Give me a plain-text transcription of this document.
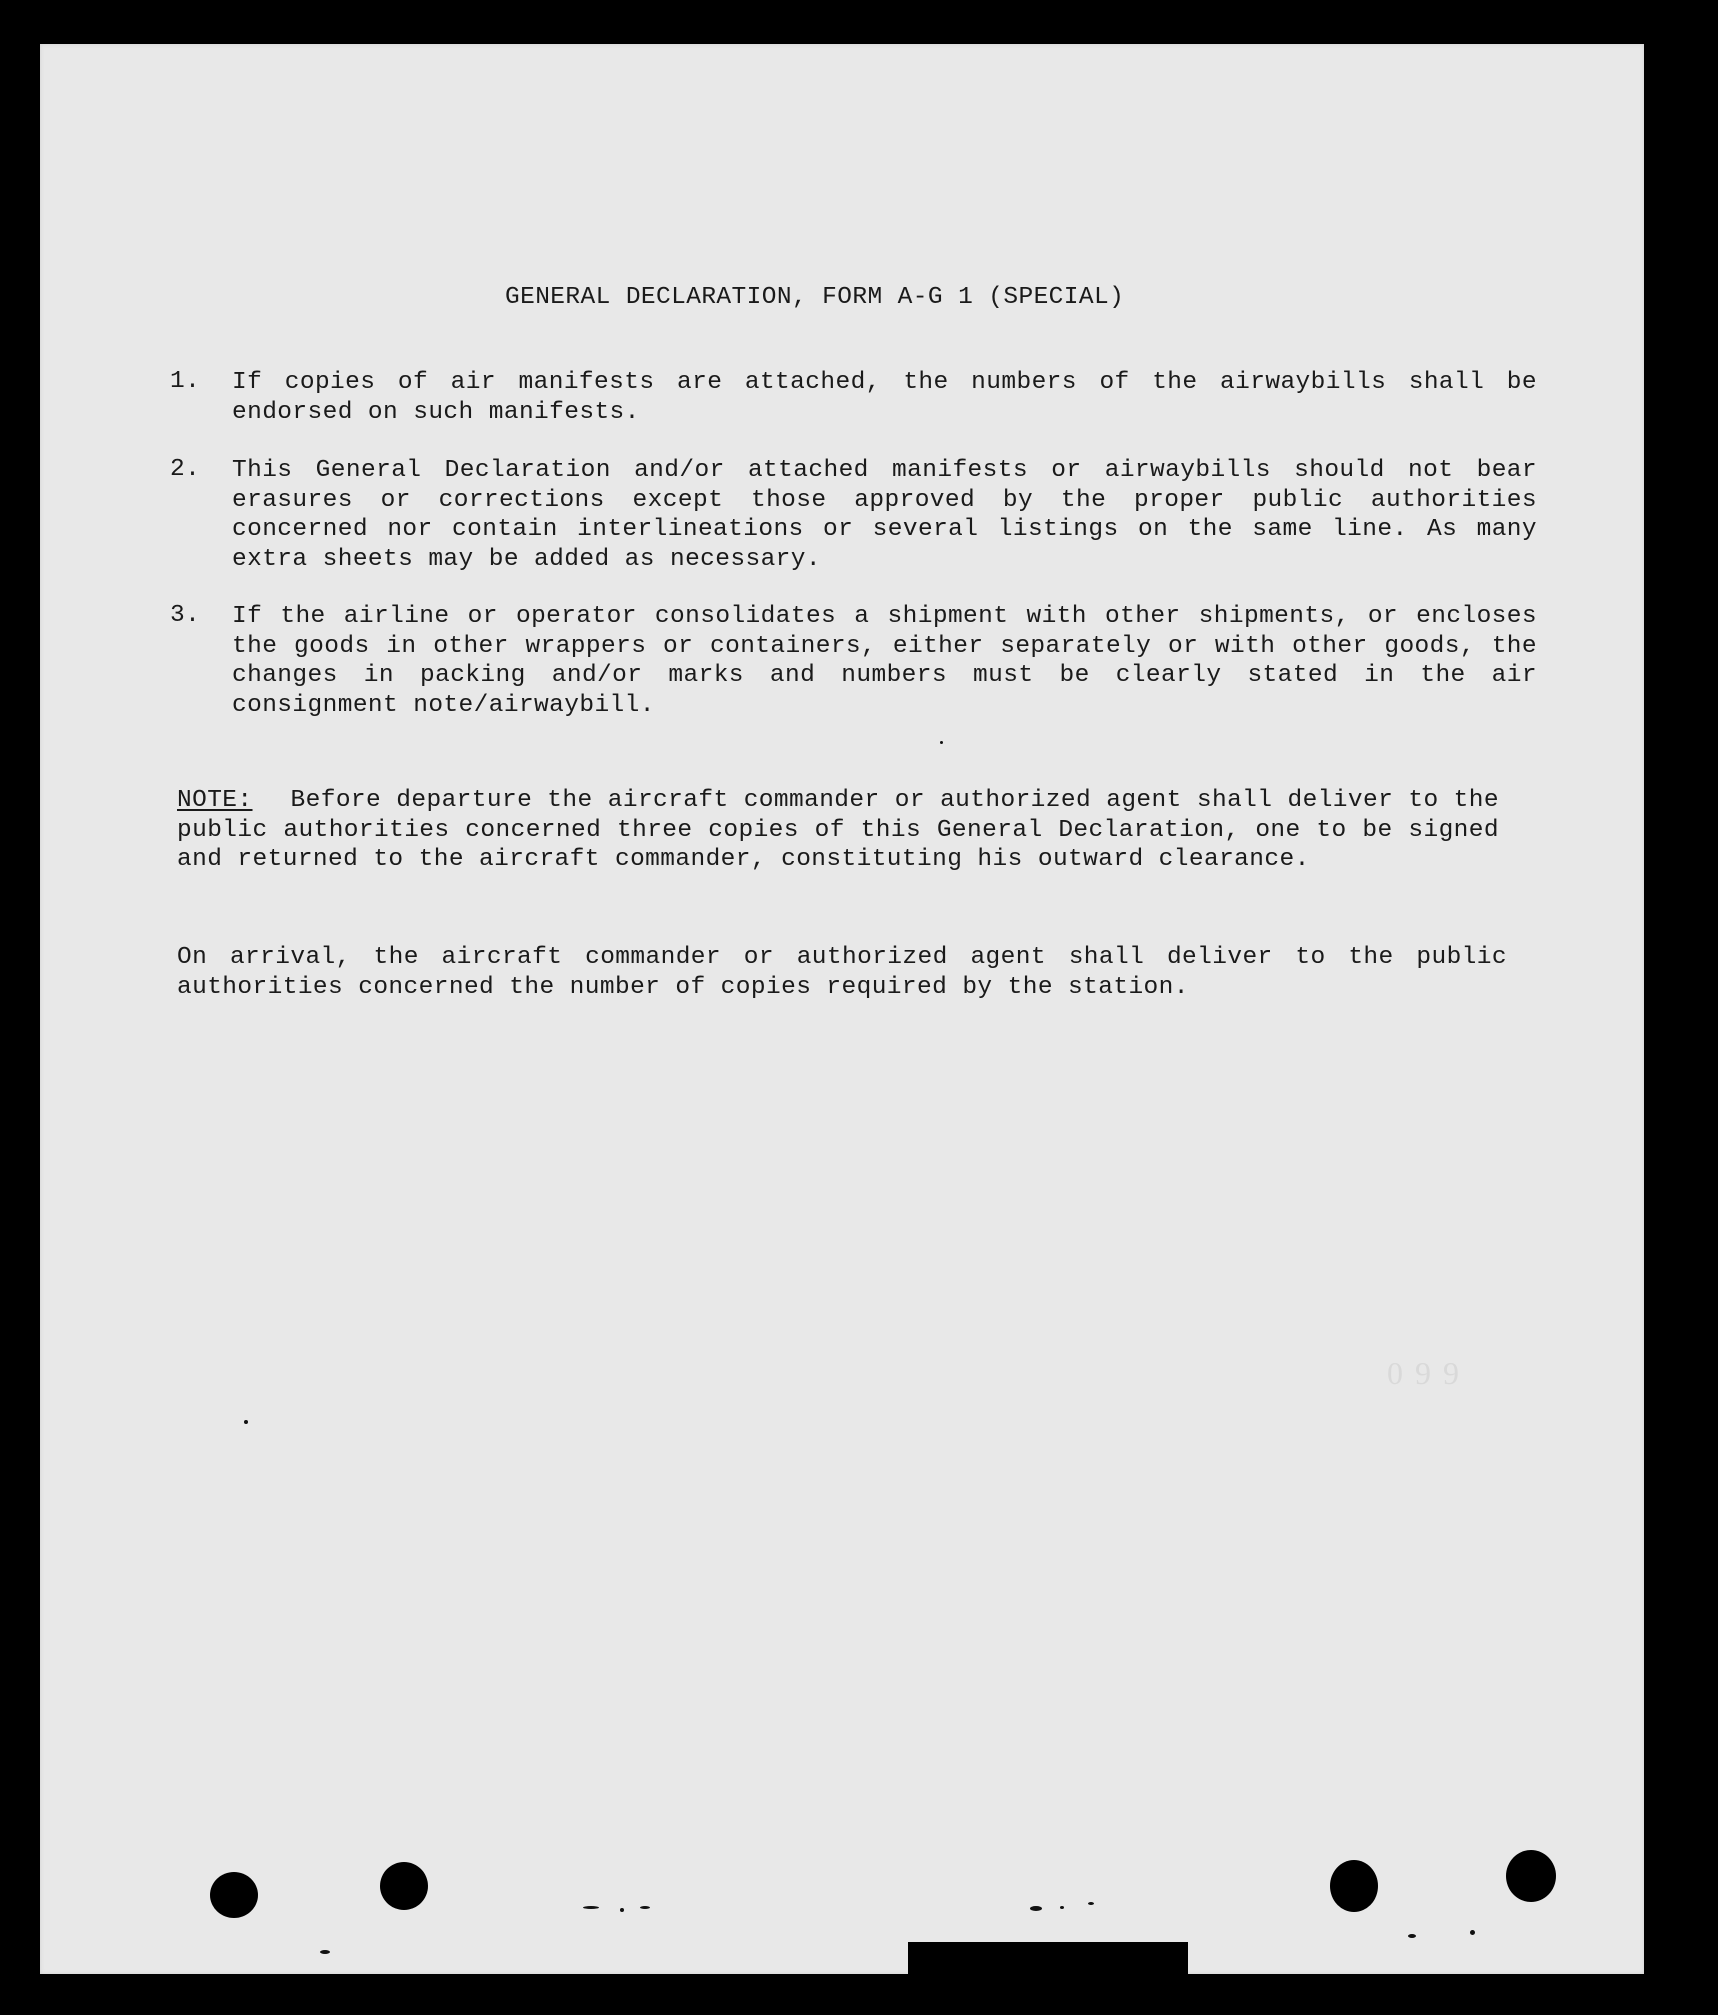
GENERAL DECLARATION, FORM A-G 1 (SPECIAL)
1.	If copies of air manifests are attached, the numbers of the airwaybills shall be endorsed on such manifests.
2.	This General Declaration and/or attached manifests or airwaybills should not bear erasures or corrections except those approved by the proper public authorities concerned nor contain interlineations or several listings on the same line. As many extra sheets may be added as necessary.
3.	If the airline or operator consolidates a shipment with other shipments, or encloses the goods in other wrappers or containers, either separately or with other goods, the changes in packing and/or marks and numbers must be clearly stated in the air consignment note/airwaybill.
NOTE: Before departure the aircraft commander or authorized agent shall deliver to the public authorities concerned three copies of this General Declaration, one to be signed and returned to the aircraft commander, constituting his outward clearance.
On arrival, the aircraft commander or authorized agent shall deliver to the public authorities concerned the number of copies required by the station.
0 9 9
